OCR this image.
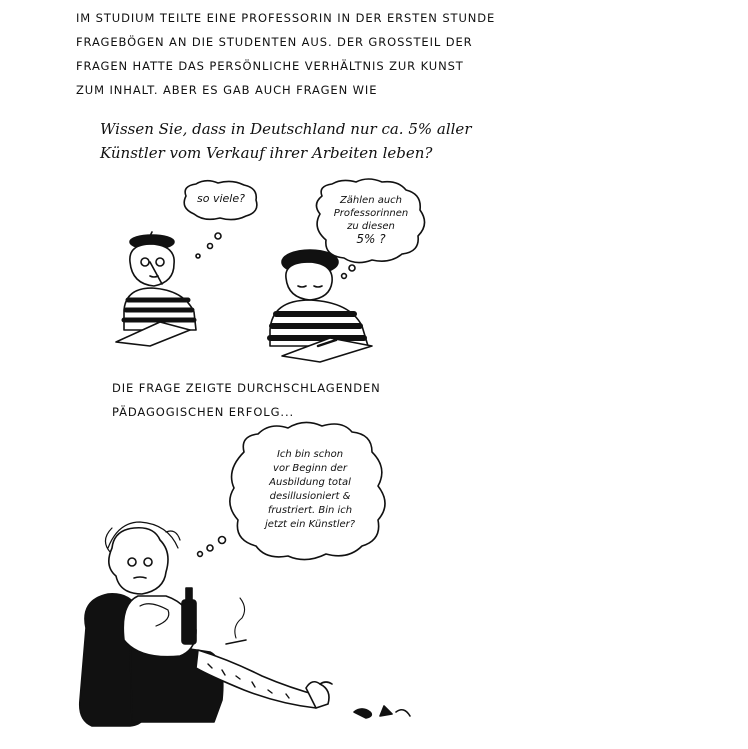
IM STUDIUM TEILTE EINE PROFESSORIN IN DER ERSTEN STUNDE
FRAGEBÖGEN AN DIE STUDENTEN AUS. DER GROSSTEIL DER
FRAGEN HATTE DAS PERSÖNLICHE VERHÄLTNIS ZUR KUNST
ZUM INHALT. ABER ES GAB AUCH FRAGEN WIE
Wissen Sie, dass in Deutschland nur ca. 5% aller
Künstler vom Verkauf ihrer Arbeiten leben?
so viele?	Zählen auch
Professorinnen
zu diesen
5% ?
DIE FRAGE ZEIGTE DURCHSCHLAGENDEN
PÄDAGOGISCHEN ERFOLG...
Ich bin schon
vor Beginn der
Ausbildung total
desillusioniert &
frustriert. Bin ich
jetzt ein Künstler?
